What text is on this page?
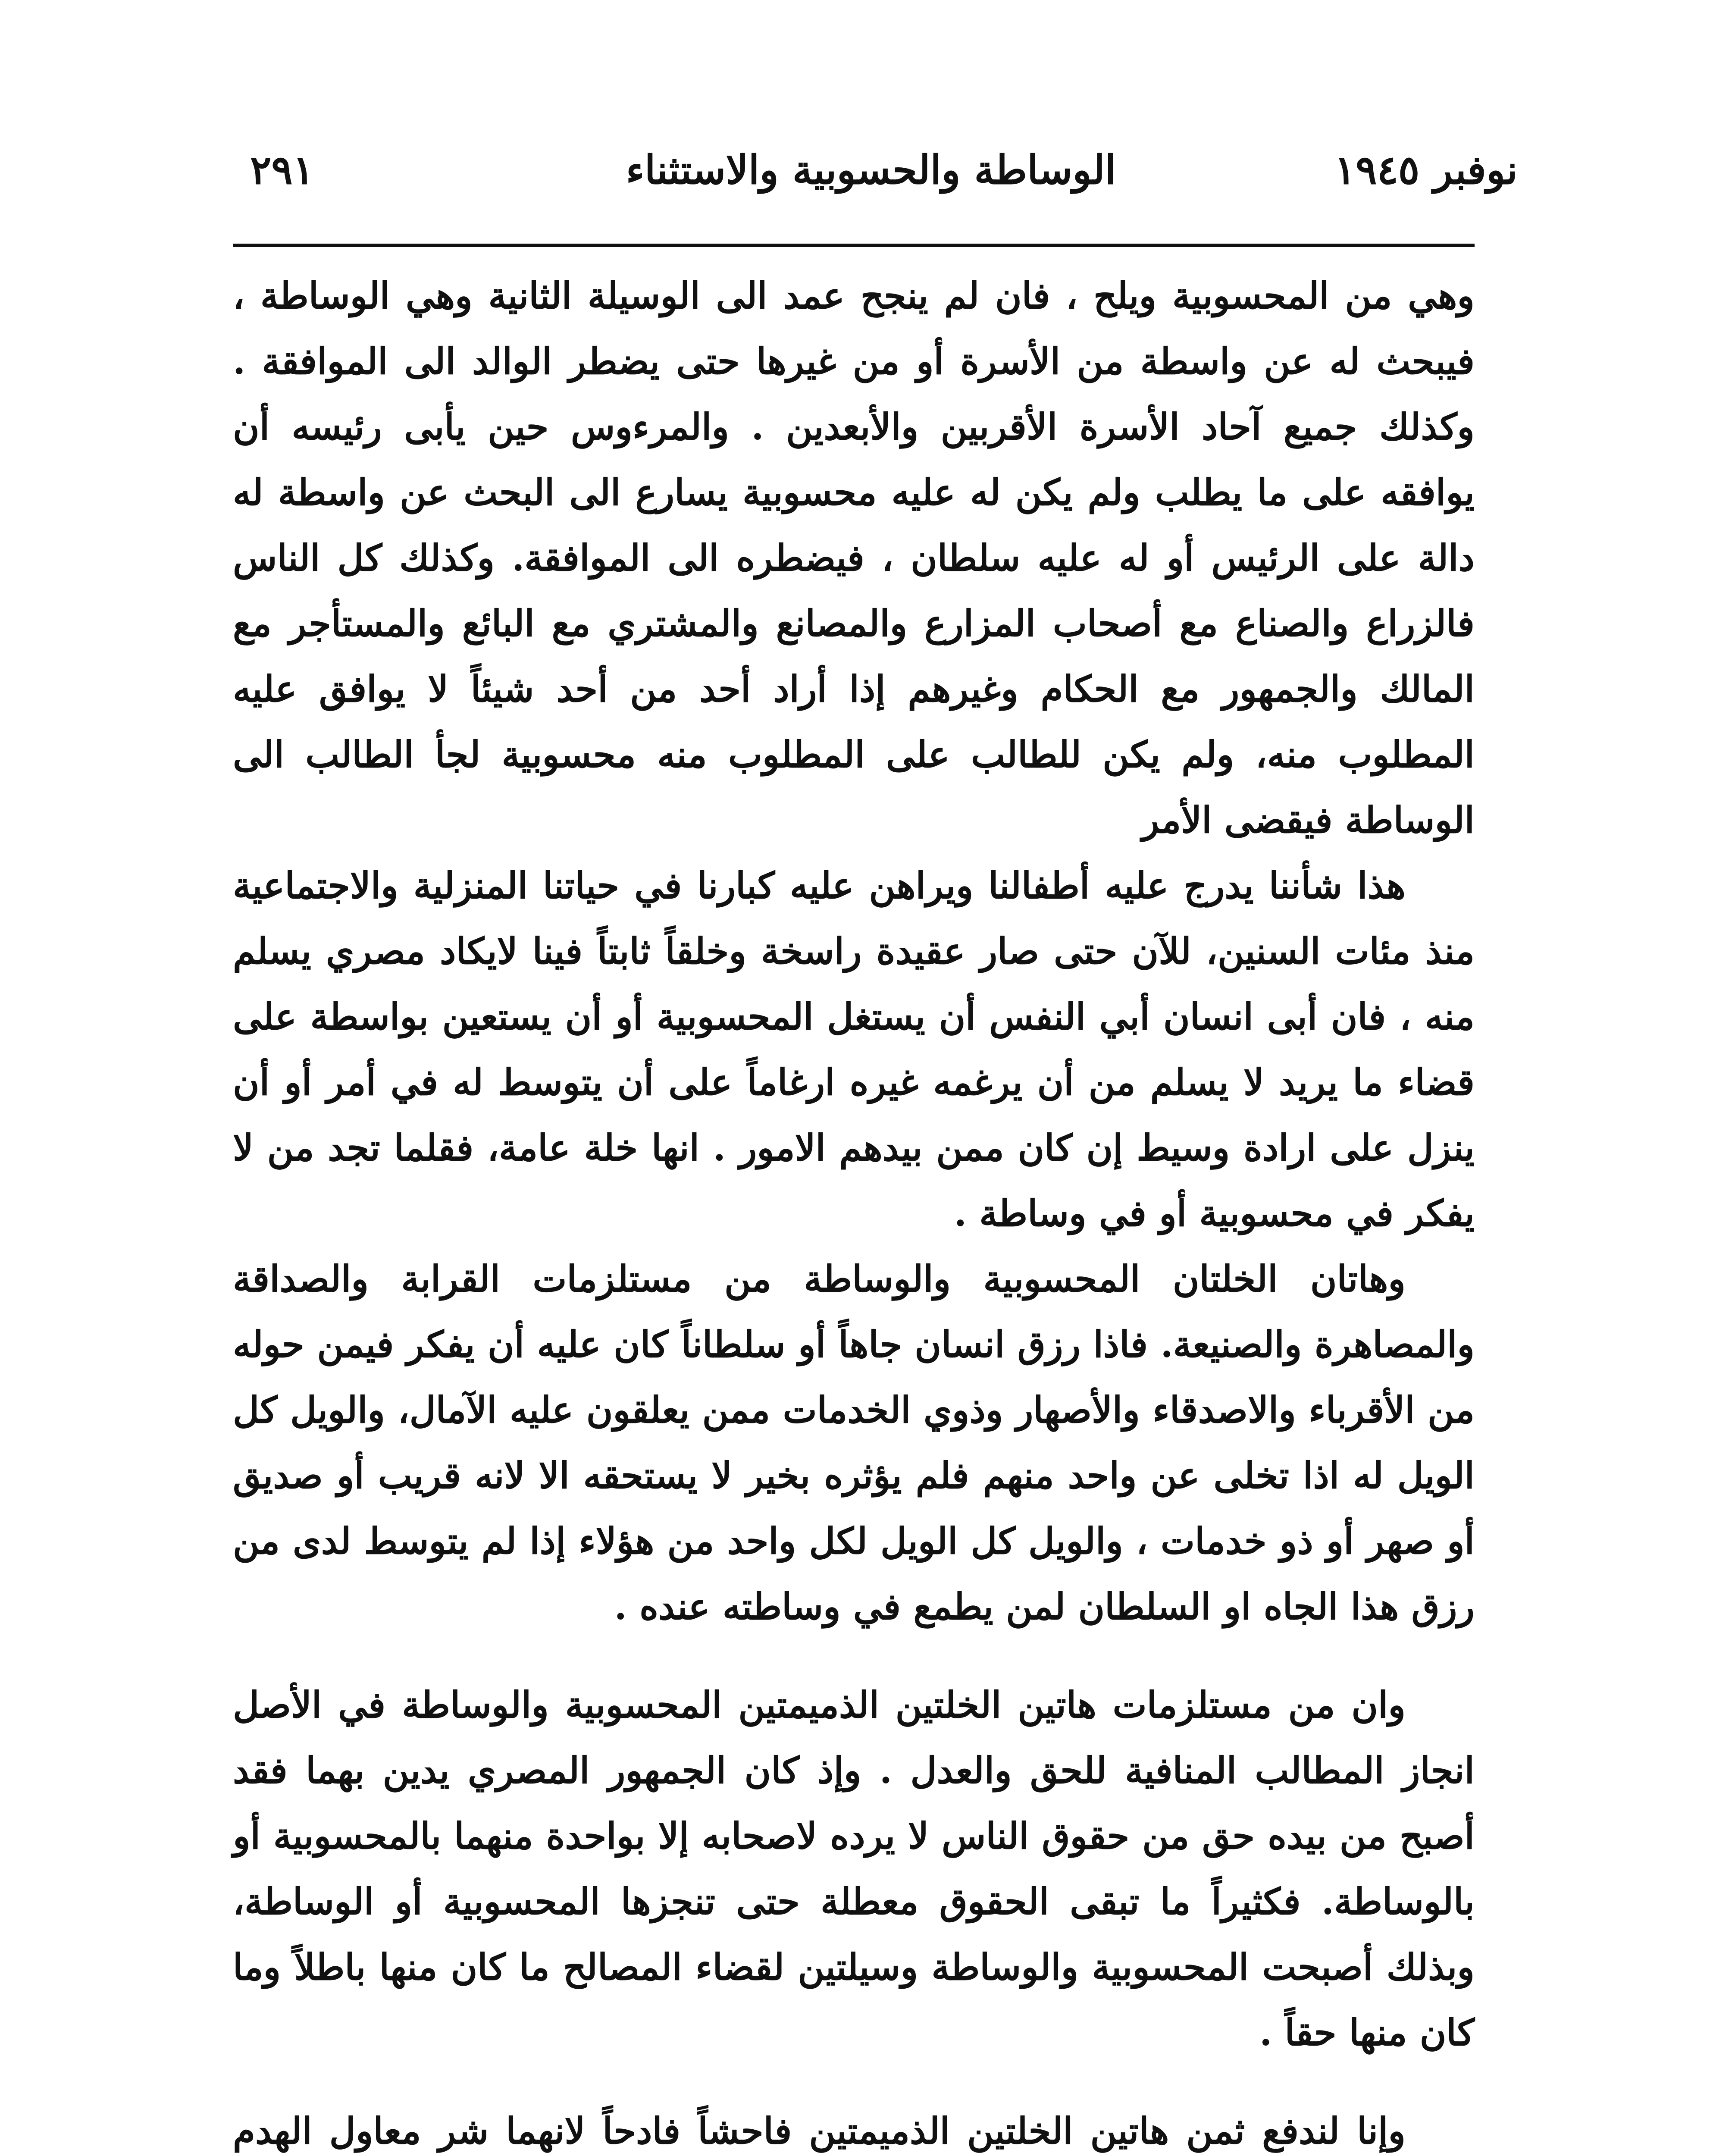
نوفبر ١٩٤٥
الوساطة والحسوبية والاستثناء
٢٩١

وهي من المحسوبية ويلح ، فان لم ينجح عمد الى الوسيلة الثانية وهي الوساطة ، فيبحث له عن واسطة من الأسرة أو من غيرها حتى يضطر الوالد الى الموافقة . وكذلك جميع آحاد الأسرة الأقربين والأبعدين . والمرءوس حين يأبى رئيسه أن يوافقه على ما يطلب ولم يكن له عليه محسوبية يسارع الى البحث عن واسطة له دالة على الرئيس أو له عليه سلطان ، فيضطره الى الموافقة. وكذلك كل الناس فالزراع والصناع مع أصحاب المزارع والمصانع والمشتري مع البائع والمستأجر مع المالك والجمهور مع الحكام وغيرهم إذا أراد أحد من أحد شيئاً لا يوافق عليه المطلوب منه، ولم يكن للطالب على المطلوب منه محسوبية لجأ الطالب الى الوساطة فيقضى الأمر

هذا شأننا يدرج عليه أطفالنا ويراهن عليه كبارنا في حياتنا المنزلية والاجتماعية منذ مئات السنين، للآن حتى صار عقيدة راسخة وخلقاً ثابتاً فينا لايكاد مصري يسلم منه ، فان أبى انسان أبي النفس أن يستغل المحسوبية أو أن يستعين بواسطة على قضاء ما يريد لا يسلم من أن يرغمه غيره ارغاماً على أن يتوسط له في أمر أو أن ينزل على ارادة وسيط إن كان ممن بيدهم الامور . انها خلة عامة، فقلما تجد من لا يفكر في محسوبية أو في وساطة .

وهاتان الخلتان المحسوبية والوساطة من مستلزمات القرابة والصداقة والمصاهرة والصنيعة. فاذا رزق انسان جاهاً أو سلطاناً كان عليه أن يفكر فيمن حوله من الأقرباء والاصدقاء والأصهار وذوي الخدمات ممن يعلقون عليه الآمال، والويل كل الويل له اذا تخلى عن واحد منهم فلم يؤثره بخير لا يستحقه الا لانه قريب أو صديق أو صهر أو ذو خدمات ، والويل كل الويل لكل واحد من هؤلاء إذا لم يتوسط لدى من رزق هذا الجاه او السلطان لمن يطمع في وساطته عنده .

وان من مستلزمات هاتين الخلتين الذميمتين المحسوبية والوساطة في الأصل انجاز المطالب المنافية للحق والعدل . وإذ كان الجمهور المصري يدين بهما فقد أصبح من بيده حق من حقوق الناس لا يرده لاصحابه إلا بواحدة منهما بالمحسوبية أو بالوساطة. فكثيراً ما تبقى الحقوق معطلة حتى تنجزها المحسوبية أو الوساطة، وبذلك أصبحت المحسوبية والوساطة وسيلتين لقضاء المصالح ما كان منها باطلاً وما كان منها حقاً .

وإنا لندفع ثمن هاتين الخلتين الذميمتين فاحشاً فادحاً لانهما شر معاول الهدم
